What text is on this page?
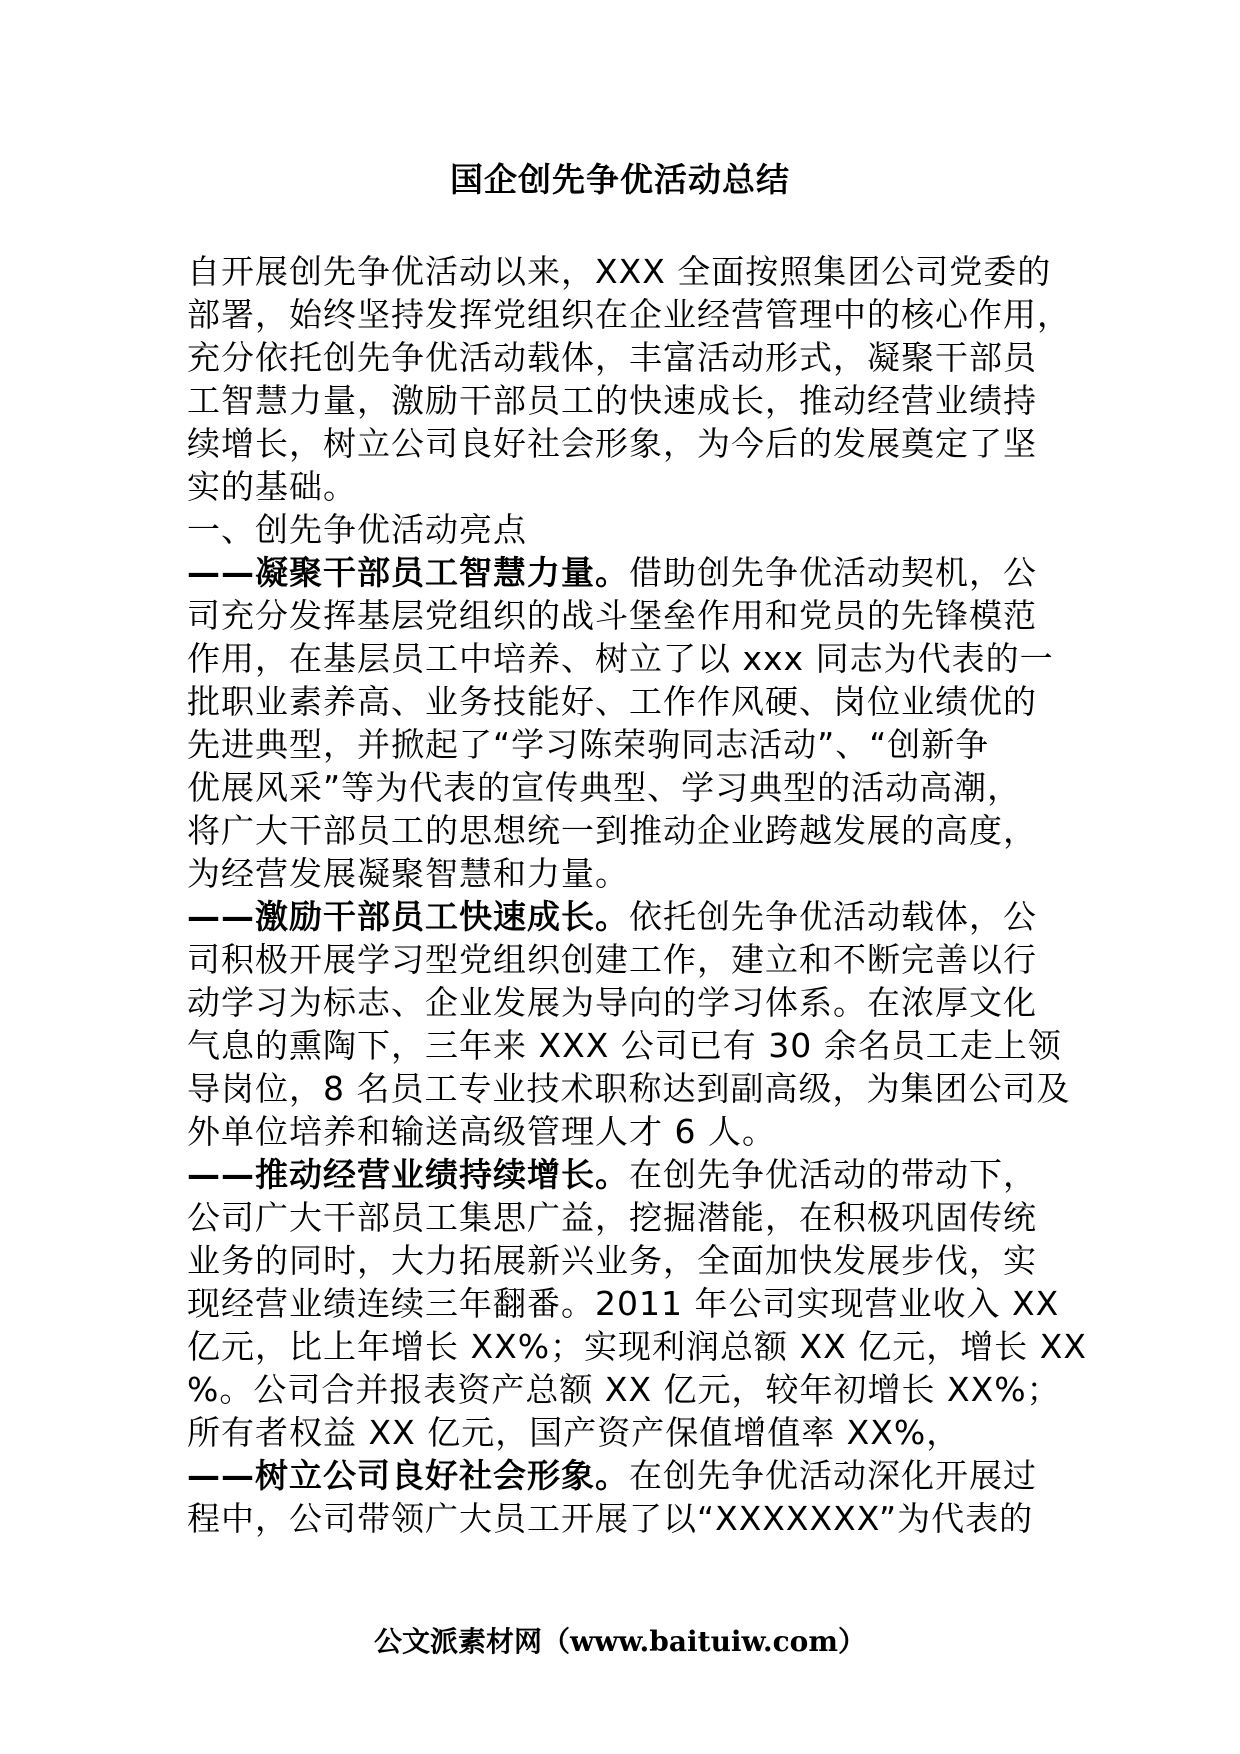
国企创先争优活动总结
自开展创先争优活动以来，XXX 全面按照集团公司党委的
部署，始终坚持发挥党组织在企业经营管理中的核心作用，
充分依托创先争优活动载体，丰富活动形式，凝聚干部员
工智慧力量，激励干部员工的快速成长，推动经营业绩持
续增长，树立公司良好社会形象，为今后的发展奠定了坚
实的基础。
一、创先争优活动亮点
——凝聚干部员工智慧力量。借助创先争优活动契机，公
司充分发挥基层党组织的战斗堡垒作用和党员的先锋模范
作用，在基层员工中培养、树立了以 xxx 同志为代表的一
批职业素养高、业务技能好、工作作风硬、岗位业绩优的
先进典型，并掀起了“学习陈荣驹同志活动”、“创新争
优展风采”等为代表的宣传典型、学习典型的活动高潮，
将广大干部员工的思想统一到推动企业跨越发展的高度，
为经营发展凝聚智慧和力量。
——激励干部员工快速成长。依托创先争优活动载体，公
司积极开展学习型党组织创建工作，建立和不断完善以行
动学习为标志、企业发展为导向的学习体系。在浓厚文化
气息的熏陶下，三年来 XXX 公司已有 30 余名员工走上领
导岗位，8 名员工专业技术职称达到副高级，为集团公司及
外单位培养和输送高级管理人才 6 人。
——推动经营业绩持续增长。在创先争优活动的带动下，
公司广大干部员工集思广益，挖掘潜能，在积极巩固传统
业务的同时，大力拓展新兴业务，全面加快发展步伐，实
现经营业绩连续三年翻番。2011 年公司实现营业收入 XX
亿元，比上年增长 XX%；实现利润总额 XX 亿元，增长 XX
%。公司合并报表资产总额 XX 亿元，较年初增长 XX%；
所有者权益 XX 亿元，国产资产保值增值率 XX%，
——树立公司良好社会形象。在创先争优活动深化开展过
程中，公司带领广大员工开展了以“XXXXXXX”为代表的
公文派素材网（www.baituiw.com）
